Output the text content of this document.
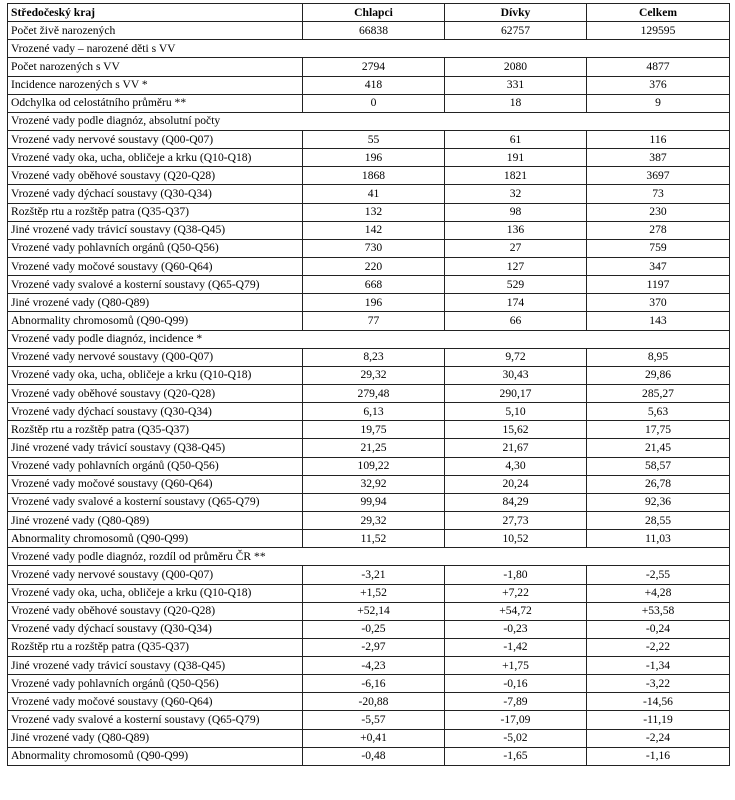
Středočeský kraj	Chlapci	Dívky	Celkem
Počet živě narozených	66838	62757	129595
Vrozené vady – narozené děti s VV			
Počet narozených s VV	2794	2080	4877
Incidence narozených s VV *	418	331	376
Odchylka od celostátního průměru **	0	18	9
Vrozené vady podle diagnóz, absolutní počty			
Vrozené vady nervové soustavy (Q00-Q07)	55	61	116
Vrozené vady oka, ucha, obličeje a krku (Q10-Q18)	196	191	387
Vrozené vady oběhové soustavy (Q20-Q28)	1868	1821	3697
Vrozené vady dýchací soustavy (Q30-Q34)	41	32	73
Rozštěp rtu a rozštěp patra (Q35-Q37)	132	98	230
Jiné vrozené vady trávicí soustavy (Q38-Q45)	142	136	278
Vrozené vady pohlavních orgánů (Q50-Q56)	730	27	759
Vrozené vady močové soustavy (Q60-Q64)	220	127	347
Vrozené vady svalové a kosterní soustavy (Q65-Q79)	668	529	1197
Jiné vrozené vady (Q80-Q89)	196	174	370
Abnormality chromosomů (Q90-Q99)	77	66	143
Vrozené vady podle diagnóz, incidence *			
Vrozené vady nervové soustavy (Q00-Q07)	8,23	9,72	8,95
Vrozené vady oka, ucha, obličeje a krku (Q10-Q18)	29,32	30,43	29,86
Vrozené vady oběhové soustavy (Q20-Q28)	279,48	290,17	285,27
Vrozené vady dýchací soustavy (Q30-Q34)	6,13	5,10	5,63
Rozštěp rtu a rozštěp patra (Q35-Q37)	19,75	15,62	17,75
Jiné vrozené vady trávicí soustavy (Q38-Q45)	21,25	21,67	21,45
Vrozené vady pohlavních orgánů (Q50-Q56)	109,22	4,30	58,57
Vrozené vady močové soustavy (Q60-Q64)	32,92	20,24	26,78
Vrozené vady svalové a kosterní soustavy (Q65-Q79)	99,94	84,29	92,36
Jiné vrozené vady (Q80-Q89)	29,32	27,73	28,55
Abnormality chromosomů (Q90-Q99)	11,52	10,52	11,03
Vrozené vady podle diagnóz, rozdíl od průměru ČR **			
Vrozené vady nervové soustavy (Q00-Q07)	-3,21	-1,80	-2,55
Vrozené vady oka, ucha, obličeje a krku (Q10-Q18)	+1,52	+7,22	+4,28
Vrozené vady oběhové soustavy (Q20-Q28)	+52,14	+54,72	+53,58
Vrozené vady dýchací soustavy (Q30-Q34)	-0,25	-0,23	-0,24
Rozštěp rtu a rozštěp patra (Q35-Q37)	-2,97	-1,42	-2,22
Jiné vrozené vady trávicí soustavy (Q38-Q45)	-4,23	+1,75	-1,34
Vrozené vady pohlavních orgánů (Q50-Q56)	-6,16	-0,16	-3,22
Vrozené vady močové soustavy (Q60-Q64)	-20,88	-7,89	-14,56
Vrozené vady svalové a kosterní soustavy (Q65-Q79)	-5,57	-17,09	-11,19
Jiné vrozené vady (Q80-Q89)	+0,41	-5,02	-2,24
Abnormality chromosomů (Q90-Q99)	-0,48	-1,65	-1,16
